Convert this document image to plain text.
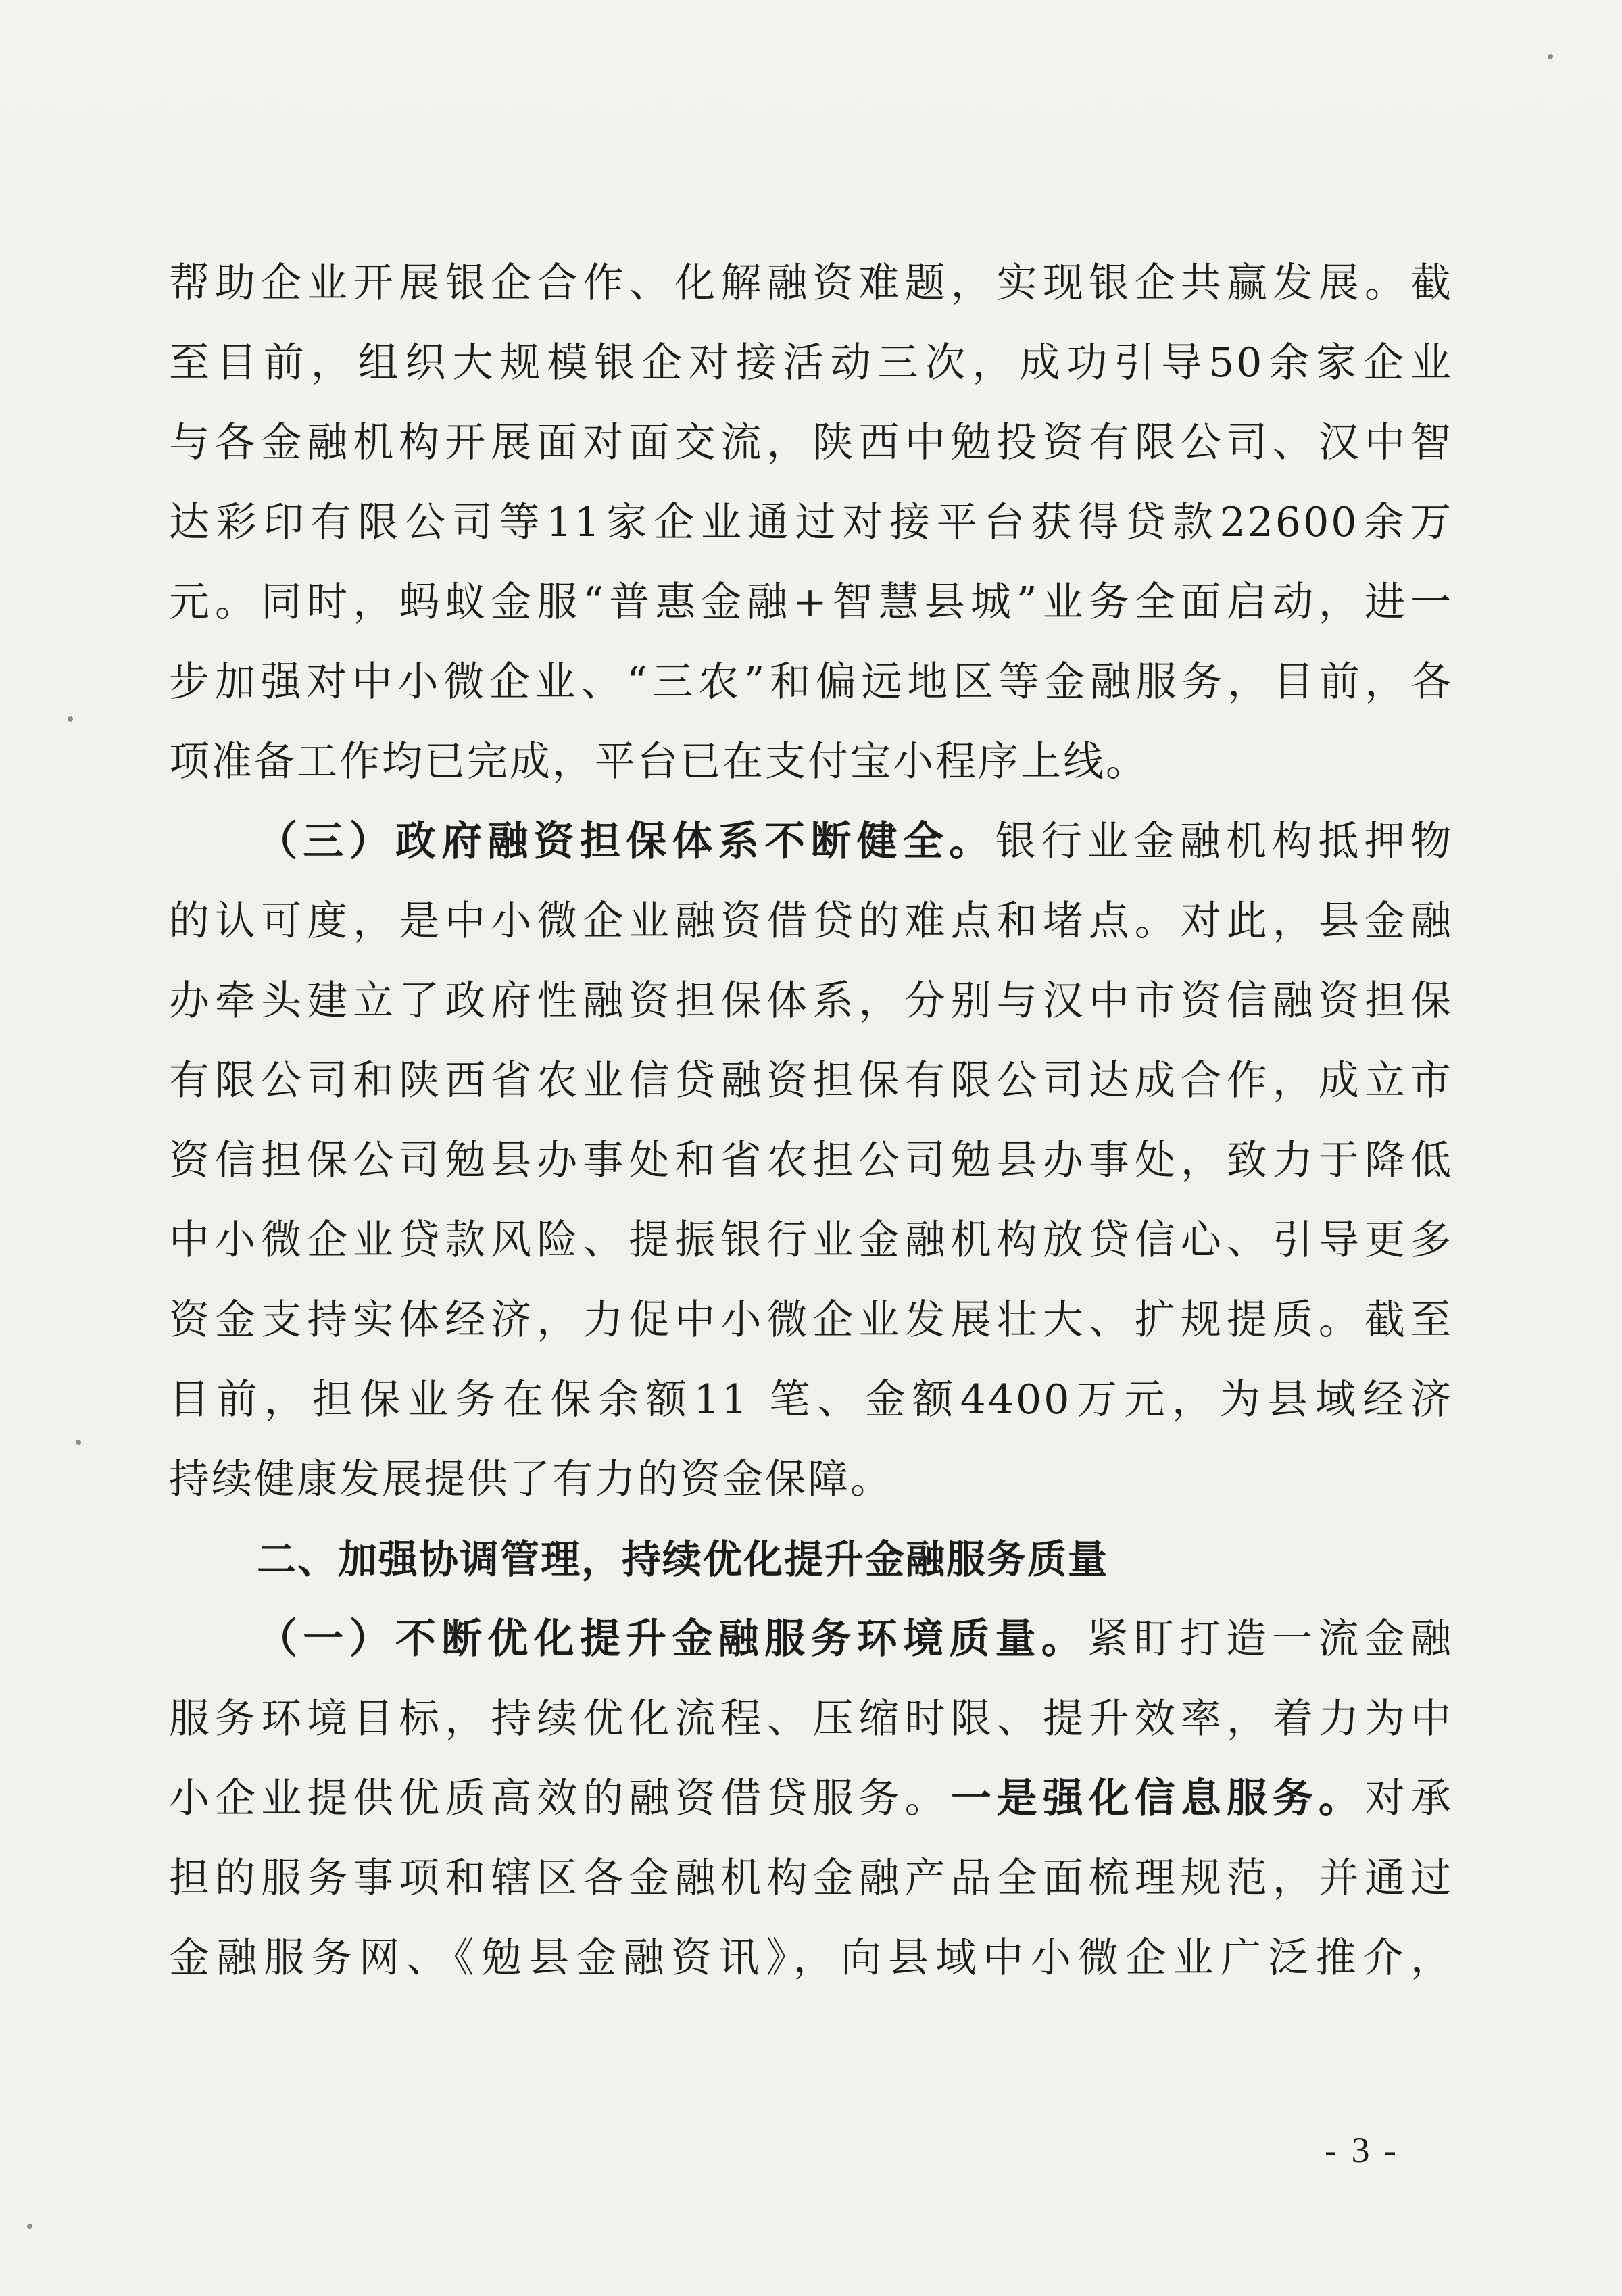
帮助企业开展银企合作、化解融资难题，实现银企共赢发展。截
至目前，组织大规模银企对接活动三次，成功引导50余家企业
与各金融机构开展面对面交流，陕西中勉投资有限公司、汉中智
达彩印有限公司等11家企业通过对接平台获得贷款22600余万
元。同时，蚂蚁金服“普惠金融+智慧县城”业务全面启动，进一
步加强对中小微企业、“三农”和偏远地区等金融服务，目前，各
项准备工作均已完成，平台已在支付宝小程序上线。
（三）政府融资担保体系不断健全。银行业金融机构抵押物
的认可度，是中小微企业融资借贷的难点和堵点。对此，县金融
办牵头建立了政府性融资担保体系，分别与汉中市资信融资担保
有限公司和陕西省农业信贷融资担保有限公司达成合作，成立市
资信担保公司勉县办事处和省农担公司勉县办事处，致力于降低
中小微企业贷款风险、提振银行业金融机构放贷信心、引导更多
资金支持实体经济，力促中小微企业发展壮大、扩规提质。截至
目前，担保业务在保余额11 笔、金额4400万元，为县域经济
持续健康发展提供了有力的资金保障。
二、加强协调管理，持续优化提升金融服务质量
（一）不断优化提升金融服务环境质量。紧盯打造一流金融
服务环境目标，持续优化流程、压缩时限、提升效率，着力为中
小企业提供优质高效的融资借贷服务。一是强化信息服务。对承
担的服务事项和辖区各金融机构金融产品全面梳理规范，并通过
金融服务网、《勉县金融资讯》，向县域中小微企业广泛推介，
- 3 -
